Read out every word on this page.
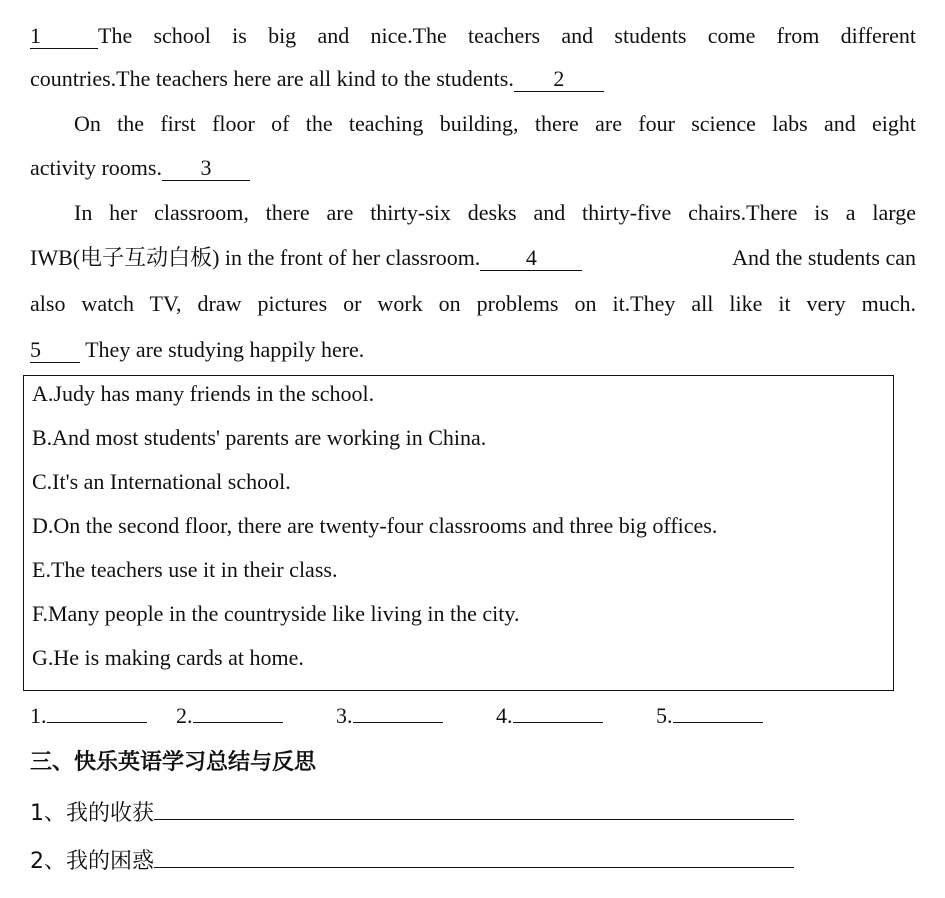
1	The school is big and nice.The teachers and students come from different
countries.The teachers here are all kind to the students. 2
On the first floor of the teaching building, there are four science labs and eight
activity rooms. 3
In her classroom, there are thirty-six desks and thirty-five chairs.There is a large
IWB(电子互动白板) in the front of her classroom. 4	And the students can
also watch TV, draw pictures or work on problems on it.They all like it very much.
5 They are studying happily here.
A.Judy has many friends in the school.
B.And most students' parents are working in China.
C.It's an International school.
D.On the second floor, there are twenty-four classrooms and three big offices.
E.The teachers use it in their class.
F.Many people in the countryside like living in the city.
G.He is making cards at home.
1.	2.	3.	4.	5.
三、快乐英语学习总结与反思
1、我的收获
2、我的困惑
